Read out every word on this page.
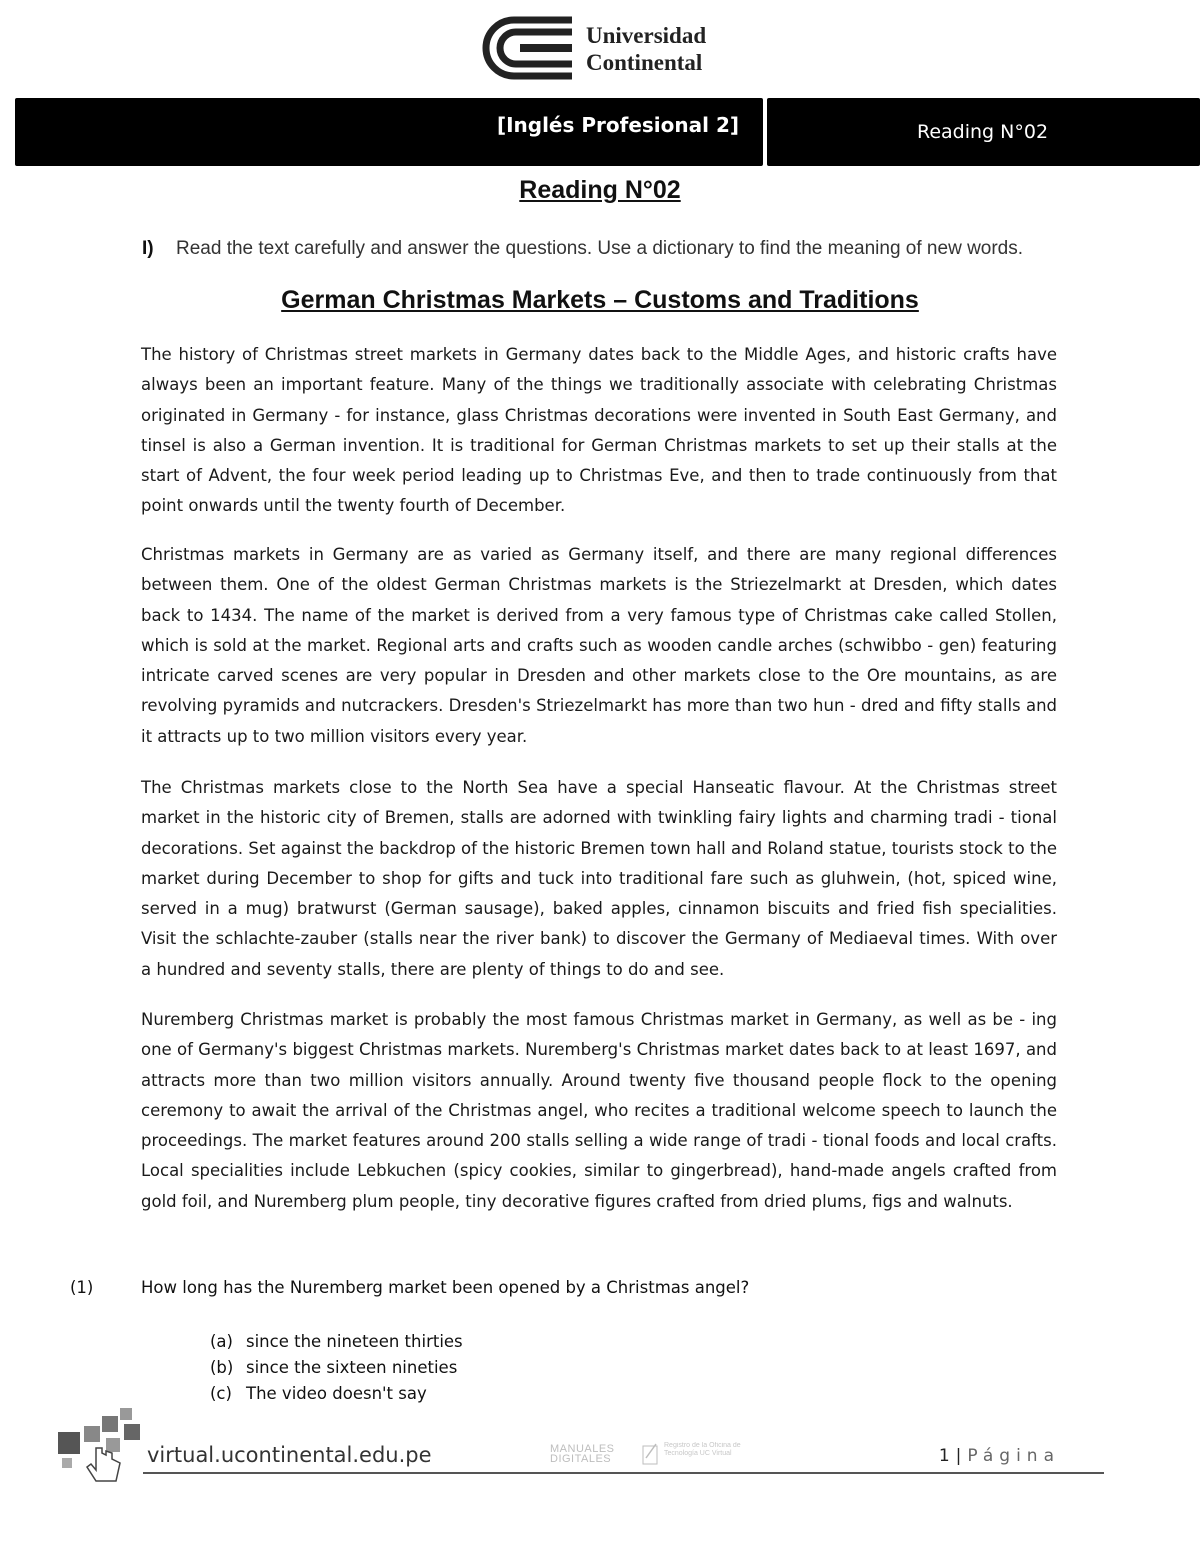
Universidad
Continental
[Inglés Profesional 2]	Reading N°02
Reading N°02
I) Read the text carefully and answer the questions. Use a dictionary to find the meaning of new words.
German Christmas Markets – Customs and Traditions

The history of Christmas street markets in Germany dates back to the Middle Ages, and historic crafts have always been an important feature. Many of the things we traditionally associate with celebrating Christmas originated in Germany - for instance, glass Christmas decorations were invented in South East Germany, and tinsel is also a German invention. It is traditional for German Christmas markets to set up their stalls at the start of Advent, the four week period leading up to Christmas Eve, and then to trade continuously from that point onwards until the twenty fourth of December.

Christmas markets in Germany are as varied as Germany itself, and there are many regional differences between them. One of the oldest German Christmas markets is the Striezelmarkt at Dresden, which dates back to 1434. The name of the market is derived from a very famous type of Christmas cake called Stollen, which is sold at the market. Regional arts and crafts such as wooden candle arches (schwibbo - gen) featuring intricate carved scenes are very popular in Dresden and other markets close to the Ore mountains, as are revolving pyramids and nutcrackers. Dresden's Striezelmarkt has more than two hun - dred and fifty stalls and it attracts up to two million visitors every year.

The Christmas markets close to the North Sea have a special Hanseatic flavour. At the Christmas street market in the historic city of Bremen, stalls are adorned with twinkling fairy lights and charming tradi - tional decorations. Set against the backdrop of the historic Bremen town hall and Roland statue, tourists stock to the market during December to shop for gifts and tuck into traditional fare such as gluhwein, (hot, spiced wine, served in a mug) bratwurst (German sausage), baked apples, cinnamon biscuits and fried fish specialities. Visit the schlachte-zauber (stalls near the river bank) to discover the Germany of Mediaeval times. With over a hundred and seventy stalls, there are plenty of things to do and see.

Nuremberg Christmas market is probably the most famous Christmas market in Germany, as well as be - ing one of Germany's biggest Christmas markets. Nuremberg's Christmas market dates back to at least 1697, and attracts more than two million visitors annually. Around twenty five thousand people flock to the opening ceremony to await the arrival of the Christmas angel, who recites a traditional welcome speech to launch the proceedings. The market features around 200 stalls selling a wide range of tradi - tional foods and local crafts. Local specialities include Lebkuchen (spicy cookies, similar to gingerbread), hand-made angels crafted from gold foil, and Nuremberg plum people, tiny decorative figures crafted from dried plums, figs and walnuts.

(1)	How long has the Nuremberg market been opened by a Christmas angel?
(a) since the nineteen thirties
(b) since the sixteen nineties
(c) The video doesn't say
virtual.ucontinental.edu.pe	MANUALES
DIGITALES
Registro de la Oficina de Tecnología UC Virtual	1 | Página
